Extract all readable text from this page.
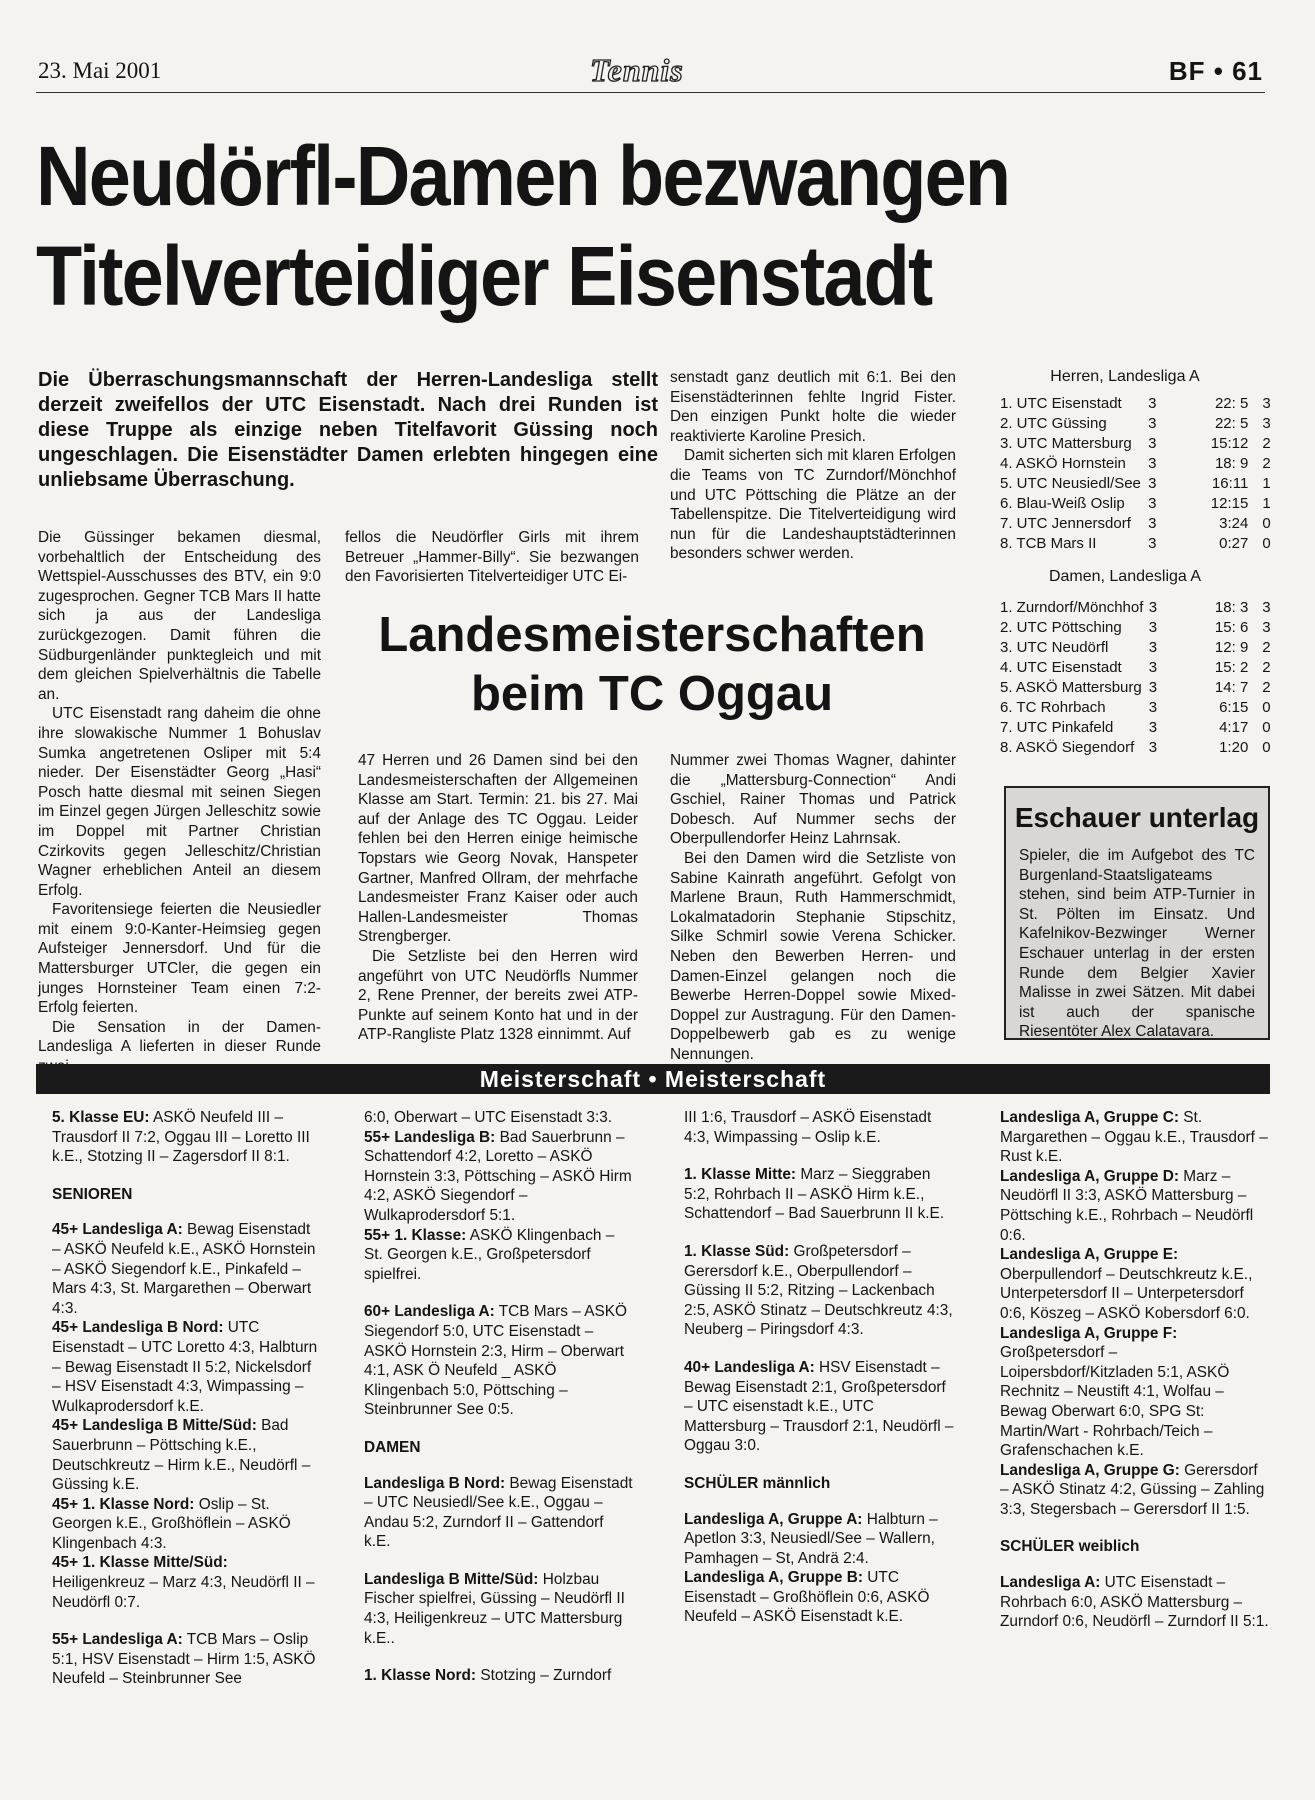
23. Mai 2001	Tennis	BF • 61
Neudörfl-Damen bezwangen
Titelverteidiger Eisenstadt
Die Überraschungsmannschaft der Herren-Landesliga stellt derzeit zweifellos der UTC Eisenstadt. Nach drei Runden ist diese Truppe als einzige neben Titelfavorit Güssing noch ungeschlagen. Die Eisenstädter Damen erlebten hingegen eine unliebsame Überraschung.

Die Güssinger bekamen diesmal, vorbehaltlich der Entscheidung des Wettspiel-Ausschusses des BTV, ein 9:0 zugesprochen. Gegner TCB Mars II hatte sich ja aus der Landesliga zurückgezogen. Damit führen die Südburgenländer punktegleich und mit dem gleichen Spielverhältnis die Tabelle an.

UTC Eisenstadt rang daheim die ohne ihre slowakische Nummer 1 Bohuslav Sumka angetretenen Osliper mit 5:4 nieder. Der Eisenstädter Georg „Hasi“ Posch hatte diesmal mit seinen Siegen im Einzel gegen Jürgen Jelleschitz sowie im Doppel mit Partner Christian Czirkovits gegen Jelleschitz/Christian Wagner erheblichen Anteil an diesem Erfolg.

Favoritensiege feierten die Neusiedler mit einem 9:0-Kanter-Heimsieg gegen Aufsteiger Jennersdorf. Und für die Mattersburger UTCler, die gegen ein junges Hornsteiner Team einen 7:2-Erfolg feierten.

Die Sensation in der Damen-Landesliga A lieferten in dieser Runde

fellos die Neudörfler Girls mit ihrem Betreuer „Hammer-Billy“. Sie bezwangen den Favorisierten Titelverteidiger UTC Ei-

senstadt ganz deutlich mit 6:1. Bei den Eisenstädterinnen fehlte Ingrid Fister. Den einzigen Punkt holte die wieder reaktivierte Karoline Presich.

Damit sicherten sich mit klaren Erfolgen die Teams von TC Zurndorf/Mönchhof und UTC Pöttsching die Plätze an der Tabellenspitze. Die Titelverteidigung wird nun für die Landeshauptstädterinnen besonders schwer werden.

Landesmeisterschaften
beim TC Oggau

47 Herren und 26 Damen sind bei den Landesmeisterschaften der Allgemeinen Klasse am Start. Termin: 21. bis 27. Mai auf der Anlage des TC Oggau. Leider fehlen bei den Herren einige heimische Topstars wie Georg Novak, Hanspeter Gartner, Manfred Ollram, der mehrfache Landesmeister Franz Kaiser oder auch Hallen-Landesmeister Thomas Strengberger.

Die Setzliste bei den Herren wird angeführt von UTC Neudörfls Nummer 2, Rene Prenner, der bereits zwei ATP-Punkte auf seinem Konto hat und in der ATP-Rangliste Platz 1328 einnimmt. Auf

Nummer zwei Thomas Wagner, dahinter die „Mattersburg-Connection“ Andi Gschiel, Rainer Thomas und Patrick Dobesch. Auf Nummer sechs der Oberpullendorfer Heinz Lahrnsak.

Bei den Damen wird die Setzliste von Sabine Kainrath angeführt. Gefolgt von Marlene Braun, Ruth Hammerschmidt, Lokalmatadorin Stephanie Stipschitz, Silke Schmirl sowie Verena Schicker. Neben den Bewerben Herren- und Damen-Einzel gelangen noch die Bewerbe Herren-Doppel sowie Mixed-Doppel zur Austragung. Für den Damen-Doppelbewerb gab es zu wenige Nennungen.

Herren, Landesliga A
1. UTC Eisenstadt	3	22: 5	3
2. UTC Güssing	3	22: 5	3
3. UTC Mattersburg	3	15:12	2
4. ASKÖ Hornstein	3	18: 9	2
5. UTC Neusiedl/See	3	16:11	1
6. Blau-Weiß Oslip	3	12:15	1
7. UTC Jennersdorf	3	3:24	0
8. TCB Mars II	3	0:27	0
Damen, Landesliga A
1. Zurndorf/Mönchhof	3	18: 3	3
2. UTC Pöttsching	3	15: 6	3
3. UTC Neudörfl	3	12: 9	2
4. UTC Eisenstadt	3	15: 2	2
5. ASKÖ Mattersburg	3	14: 7	2
6. TC Rohrbach	3	6:15	0
7. UTC Pinkafeld	3	4:17	0
8. ASKÖ Siegendorf	3	1:20	0
Eschauer unterlag
Spieler, die im Aufgebot des TC Burgenland-Staatsligateams stehen, sind beim ATP-Turnier in St. Pölten im Einsatz. Und Kafelnikov-Bezwinger Werner Eschauer unterlag in der ersten Runde dem Belgier Xavier Malisse in zwei Sätzen. Mit dabei ist auch der spanische Riesentöter Alex Calatavara.
Meisterschaft • Meisterschaft

5. Klasse EU: ASKÖ Neufeld III – Trausdorf II 7:2, Oggau III – Loretto III k.E., Stotzing II – Zagersdorf II 8:1.

SENIOREN

45+ Landesliga A: Bewag Eisenstadt – ASKÖ Neufeld k.E., ASKÖ Hornstein – ASKÖ Siegendorf k.E., Pinkafeld – Mars 4:3, St. Margarethen – Oberwart 4:3.

45+ Landesliga B Nord: UTC Eisenstadt – UTC Loretto 4:3, Halbturn – Bewag Eisenstadt II 5:2, Nickelsdorf – HSV Eisenstadt 4:3, Wimpassing – Wulkaprodersdorf k.E.

45+ Landesliga B Mitte/Süd: Bad Sauerbrunn – Pöttsching k.E., Deutschkreutz – Hirm k.E., Neudörfl – Güssing k.E.

45+ 1. Klasse Nord: Oslip – St. Georgen k.E., Großhöflein – ASKÖ Klingenbach 4:3.

45+ 1. Klasse Mitte/Süd: Heiligenkreuz – Marz 4:3, Neudörfl II – Neudörfl 0:7.

55+ Landesliga A: TCB Mars – Oslip 5:1, HSV Eisenstadt – Hirm 1:5, ASKÖ Neufeld – Steinbrunner See

6:0, Oberwart – UTC Eisenstadt 3:3.

55+ Landesliga B: Bad Sauerbrunn – Schattendorf 4:2, Loretto – ASKÖ Hornstein 3:3, Pöttsching – ASKÖ Hirm 4:2, ASKÖ Siegendorf – Wulkaprodersdorf 5:1.

55+ 1. Klasse: ASKÖ Klingenbach – St. Georgen k.E., Großpetersdorf spielfrei.

60+ Landesliga A: TCB Mars – ASKÖ Siegendorf 5:0, UTC Eisenstadt – ASKÖ Hornstein 2:3, Hirm – Oberwart 4:1, ASK Ö Neufeld _ ASKÖ Klingenbach 5:0, Pöttsching – Steinbrunner See 0:5.

DAMEN

Landesliga B Nord: Bewag Eisenstadt – UTC Neusiedl/See k.E., Oggau – Andau 5:2, Zurndorf II – Gattendorf k.E.

Landesliga B Mitte/Süd: Holzbau Fischer spielfrei, Güssing – Neudörfl II 4:3, Heiligenkreuz – UTC Mattersburg k.E..

1. Klasse Nord: Stotzing – Zurndorf

III 1:6, Trausdorf – ASKÖ Eisenstadt 4:3, Wimpassing – Oslip k.E.

1. Klasse Mitte: Marz – Sieggraben 5:2, Rohrbach II – ASKÖ Hirm k.E., Schattendorf – Bad Sauerbrunn II k.E.

1. Klasse Süd: Großpetersdorf – Gerersdorf k.E., Oberpullendorf – Güssing II 5:2, Ritzing – Lackenbach 2:5, ASKÖ Stinatz – Deutschkreutz 4:3, Neuberg – Piringsdorf 4:3.

40+ Landesliga A: HSV Eisenstadt – Bewag Eisenstadt 2:1, Großpetersdorf – UTC eisenstadt k.E., UTC Mattersburg – Trausdorf 2:1, Neudörfl – Oggau 3:0.

SCHÜLER männlich

Landesliga A, Gruppe A: Halbturn – Apetlon 3:3, Neusiedl/See – Wallern, Pamhagen – St, Andrä 2:4.

Landesliga A, Gruppe B: UTC Eisenstadt – Großhöflein 0:6, ASKÖ Neufeld – ASKÖ Eisenstadt k.E.

Landesliga A, Gruppe C: St. Margarethen – Oggau k.E., Trausdorf – Rust k.E.

Landesliga A, Gruppe D: Marz – Neudörfl II 3:3, ASKÖ Mattersburg – Pöttsching k.E., Rohrbach – Neudörfl 0:6.

Landesliga A, Gruppe E: Oberpullendorf – Deutschkreutz k.E., Unterpetersdorf II – Unterpetersdorf 0:6, Köszeg – ASKÖ Kobersdorf 6:0.

Landesliga A, Gruppe F: Großpetersdorf – Loipersbdorf/Kitzladen 5:1, ASKÖ Rechnitz – Neustift 4:1, Wolfau – Bewag Oberwart 6:0, SPG St: Martin/Wart - Rohrbach/Teich – Grafenschachen k.E.

Landesliga A, Gruppe G: Gerersdorf – ASKÖ Stinatz 4:2, Güssing – Zahling 3:3, Stegersbach – Gerersdorf II 1:5.

SCHÜLER weiblich

Landesliga A: UTC Eisenstadt – Rohrbach 6:0, ASKÖ Mattersburg – Zurndorf 0:6, Neudörfl – Zurndorf II 5:1.
